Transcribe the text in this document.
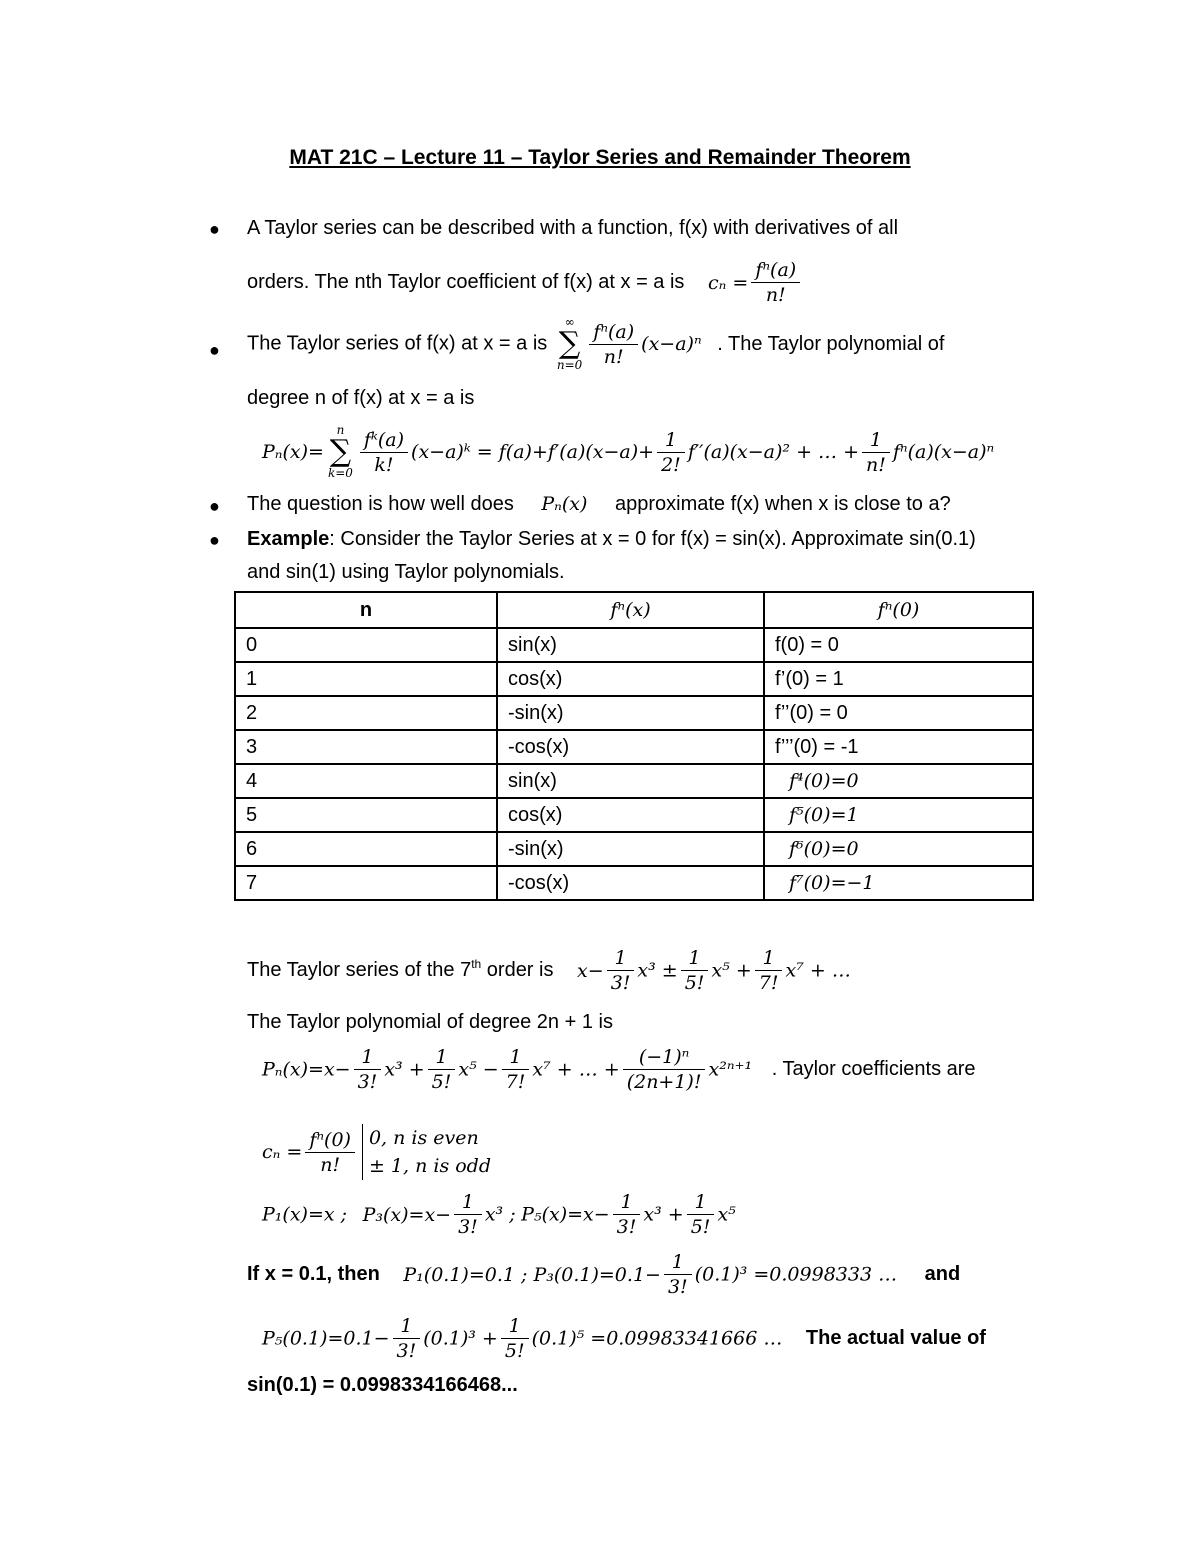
MAT 21C – Lecture 11 – Taylor Series and Remainder Theorem
● A Taylor series can be described with a function, f(x) with derivatives of all
orders. The nth Taylor coefficient of f(x) at x = a is $c_n = \frac{\text{fⁿ(a)}}{n!}$
● The Taylor series of f(x) at x = a is
∞
∑
$n=0 \frac{\text{fⁿ(a)}}{n!} (x-a)^n$ . The Taylor polynomial of
degree n of f(x) at x = a is
Pₙ(x)=
n
∑
$k=0 \frac{\text{fᵏ(a)}}{k!}$ (x−a)ᵏ = $f(a)+f'(a)(x-a)+ \frac{1}{2!} f''(a)(x-a)^2$ + … + $\frac{1}{n!} f^n(a)(x-a)^n$
● The question is how well does Pₙ(x) approximate f(x) when x is close to a?
● Example: Consider the Taylor Series at x = 0 for f(x) = sin(x). Approximate sin(0.1)
and sin(1) using Taylor polynomials.
n	fⁿ(x)	fⁿ(0)
0	sin(x)	f(0) = 0
1	cos(x)	f’(0) = 1
2	-sin(x)	f’’(0) = 0
3	-cos(x)	f’’’(0) = -1
4	sin(x)	f⁴(0)=0
5	cos(x)	f⁵(0)=1
6	-sin(x)	f⁶(0)=0
7	-cos(x)	f⁷(0)=−1
The Taylor series of the 7th order is $x- \frac{1}{3!} x^3 \pm \frac{1}{5!} x^5 + \frac{1}{7!} x^7$ + …
The Taylor polynomial of degree 2n + 1 is
$P_n(x)=x- \frac{1}{3!} x^3 + \frac{1}{5!} x^5 - \frac{1}{7!} x^7$ + … + $\frac{\text{(−1)ⁿ}}{(2n+1)!} x^{2n+1}$ . Taylor coefficients are
$c_n = \frac{\text{fⁿ(0)}}{n!} 0$, n is even
± 1, n is odd
P₁(x)=x ; $P_3(x)=x- \frac{1}{3!} x^3$ ; $P_5(x)=x- \frac{1}{3!} x^3 + \frac{1}{5!} x^5$
If x = 0.1, then P₁(0.1)=0.1 ; $P_3(0.1)=0.1- \frac{1}{3!} (0.1)^3 =0.0998333$ … and
$P_5(0.1)=0.1- \frac{1}{3!} (0.1)^3 + \frac{1}{5!} (0.1)^5 =0.09983341666$ … The actual value of
sin(0.1) = 0.0998334166468...
